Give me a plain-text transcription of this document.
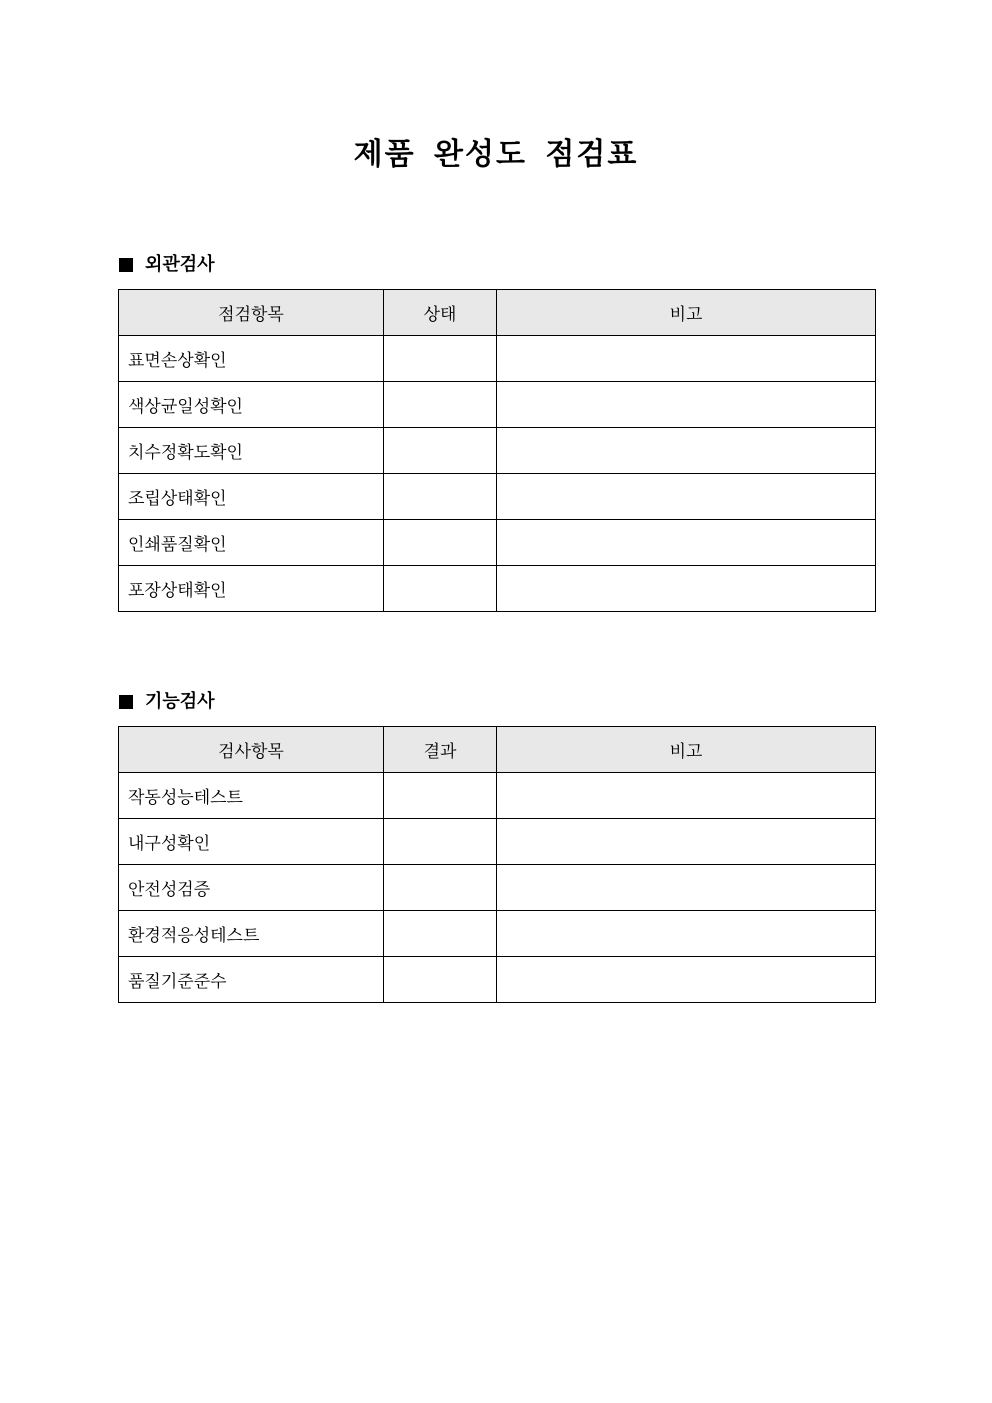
제품 완성도 점검표
외관검사
점검항목	상태	비고
표면손상확인		
색상균일성확인		
치수정확도확인		
조립상태확인		
인쇄품질확인		
포장상태확인		
기능검사
검사항목	결과	비고
작동성능테스트		
내구성확인		
안전성검증		
환경적응성테스트		
품질기준준수		
